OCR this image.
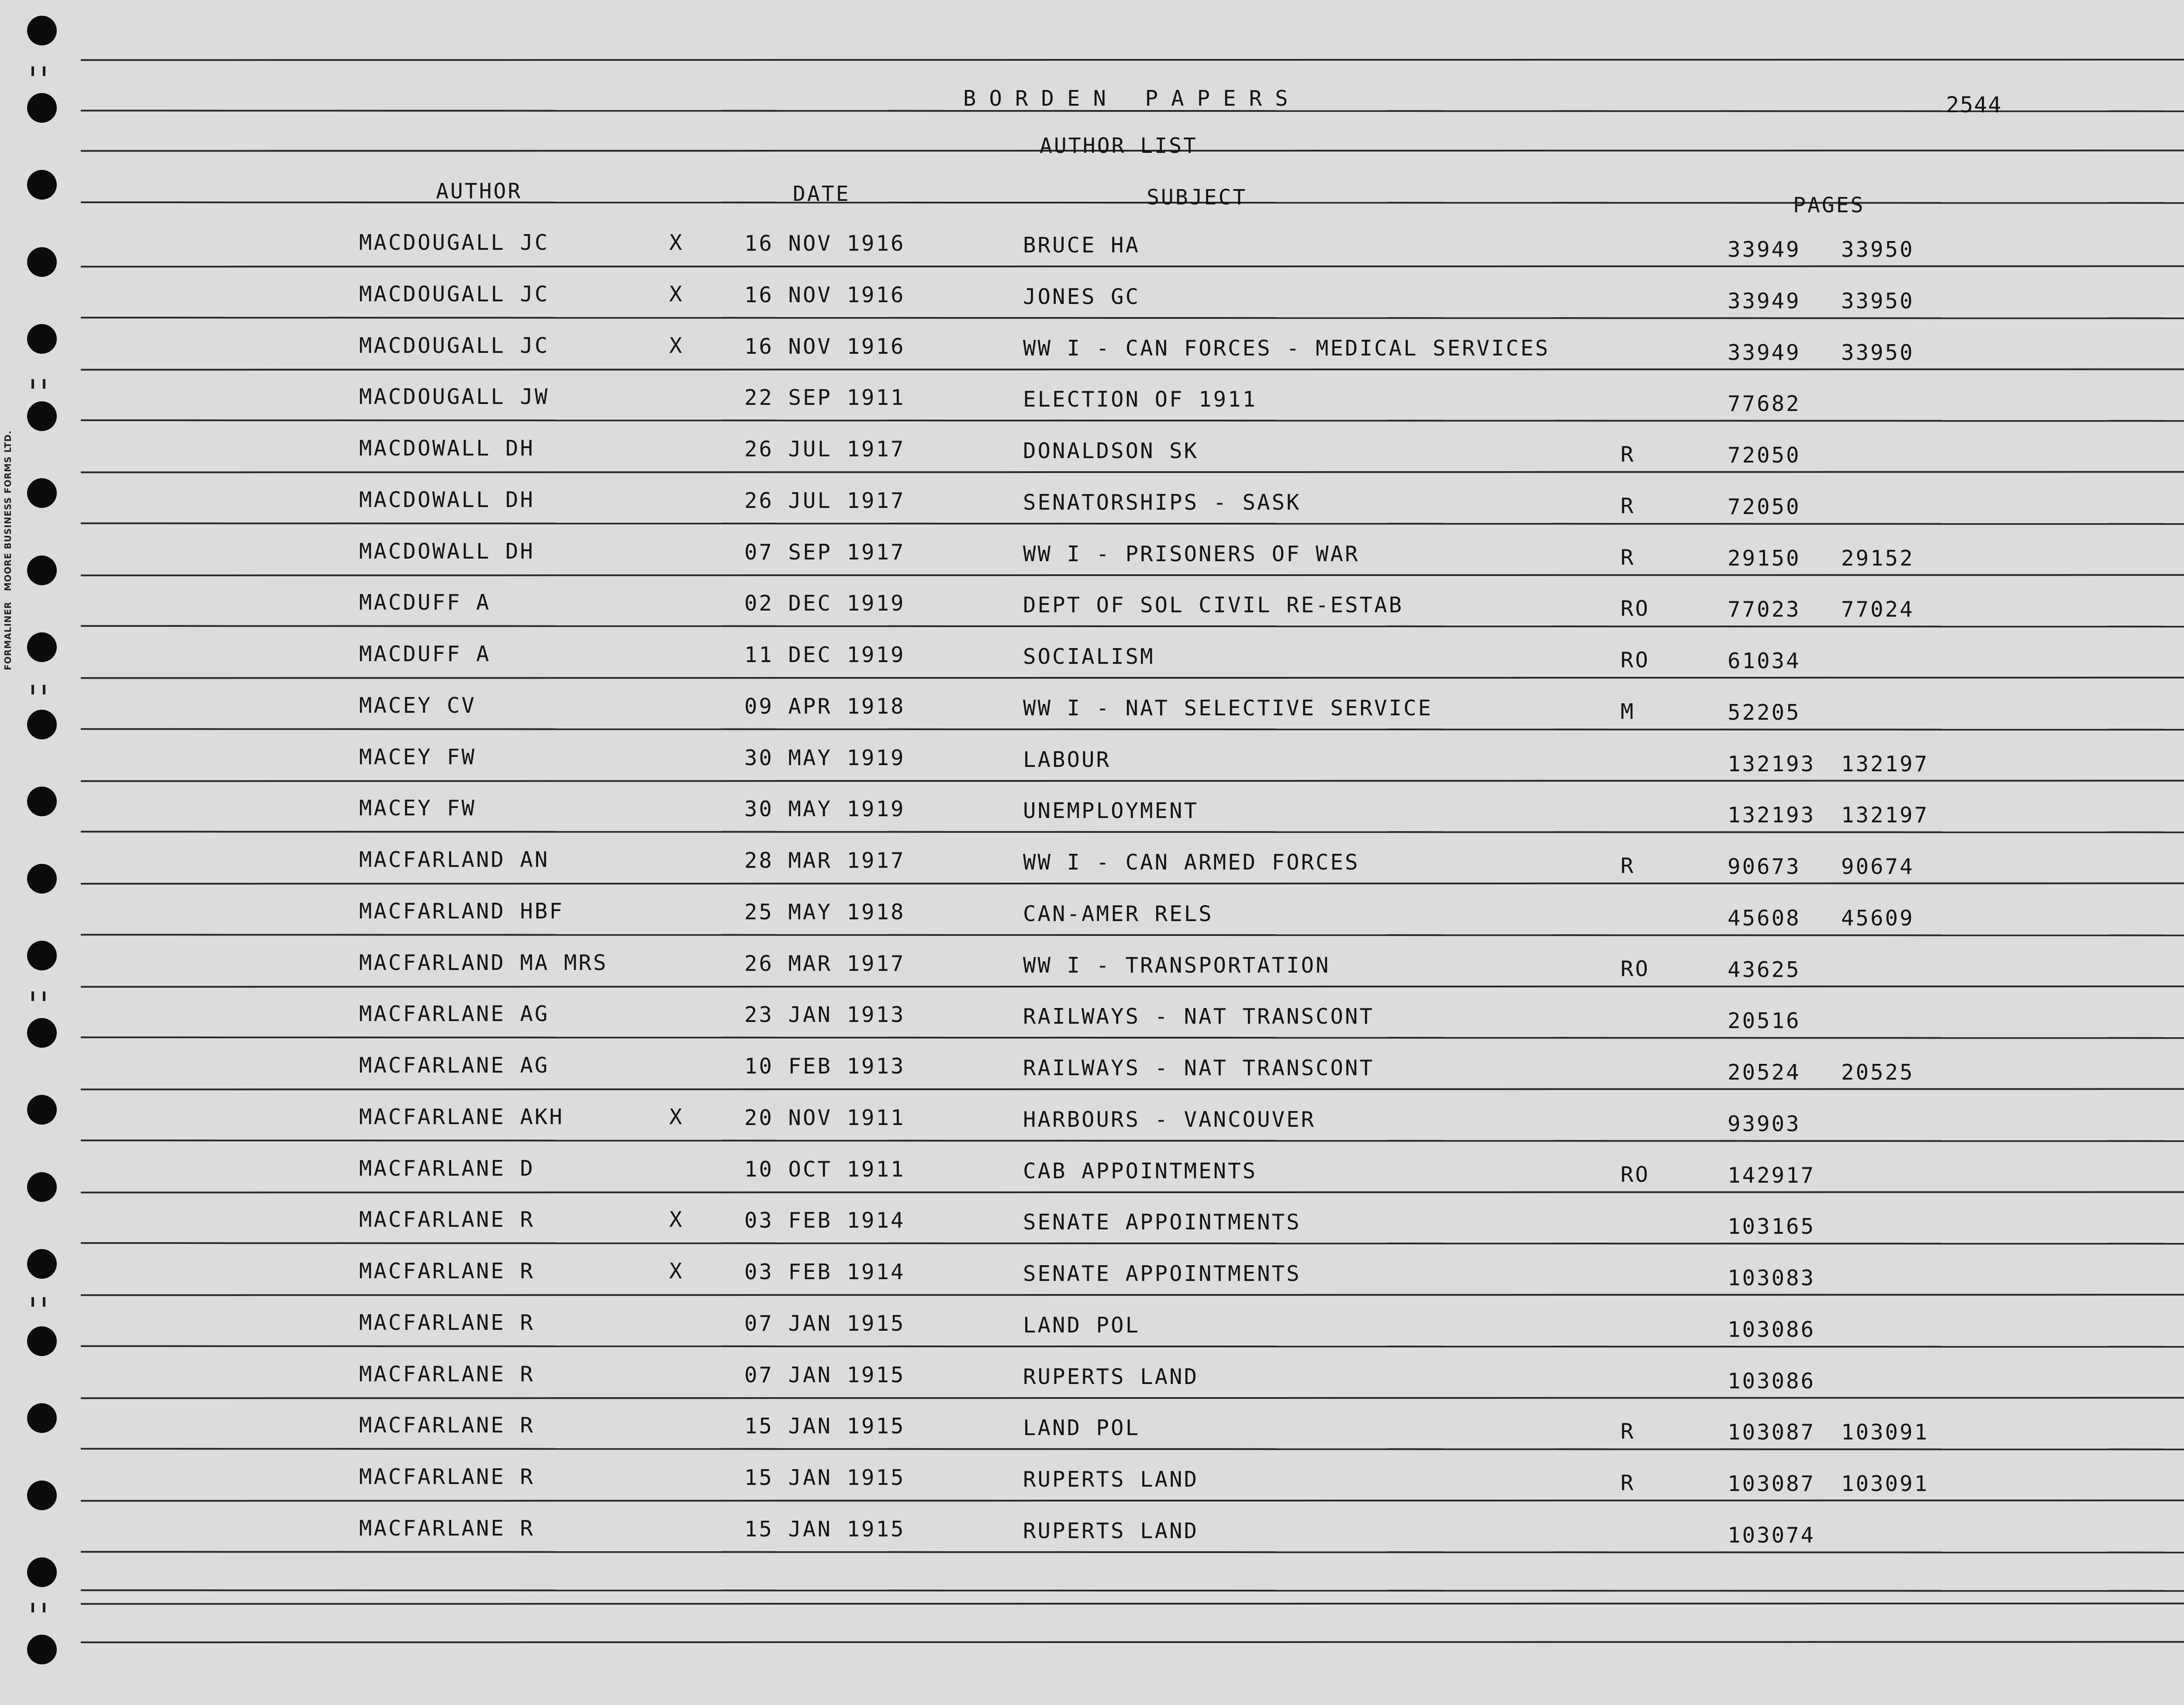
FORMALINER   MOORE BUSINESS FORMS LTD.
BORDEN PAPERS	2544
AUTHOR LIST
AUTHOR	DATE	SUBJECT	PAGES
MACDOUGALL JC	X	16 NOV 1916	BRUCE HA	33949 33950
MACDOUGALL JC	X	16 NOV 1916	JONES GC	33949 33950
MACDOUGALL JC	X	16 NOV 1916	WW I - CAN FORCES - MEDICAL SERVICES	33949 33950
MACDOUGALL JW	22 SEP 1911	ELECTION OF 1911	77682
MACDOWALL DH	26 JUL 1917	DONALDSON SK	R	72050
MACDOWALL DH	26 JUL 1917	SENATORSHIPS - SASK	R	72050
MACDOWALL DH	07 SEP 1917	WW I - PRISONERS OF WAR	R	29150 29152
MACDUFF A	02 DEC 1919	DEPT OF SOL CIVIL RE-ESTAB	RO	77023 77024
MACDUFF A	11 DEC 1919	SOCIALISM	RO	61034
MACEY CV	09 APR 1918	WW I - NAT SELECTIVE SERVICE	M	52205
MACEY FW	30 MAY 1919	LABOUR	132193 132197
MACEY FW	30 MAY 1919	UNEMPLOYMENT	132193 132197
MACFARLAND AN	28 MAR 1917	WW I - CAN ARMED FORCES	R	90673 90674
MACFARLAND HBF	25 MAY 1918	CAN-AMER RELS	45608 45609
MACFARLAND MA MRS	26 MAR 1917	WW I - TRANSPORTATION	RO	43625
MACFARLANE AG	23 JAN 1913	RAILWAYS - NAT TRANSCONT	20516
MACFARLANE AG	10 FEB 1913	RAILWAYS - NAT TRANSCONT	20524 20525
MACFARLANE AKH	X	20 NOV 1911	HARBOURS - VANCOUVER	93903
MACFARLANE D	10 OCT 1911	CAB APPOINTMENTS	RO	142917
MACFARLANE R	X	03 FEB 1914	SENATE APPOINTMENTS	103165
MACFARLANE R	X	03 FEB 1914	SENATE APPOINTMENTS	103083
MACFARLANE R	07 JAN 1915	LAND POL	103086
MACFARLANE R	07 JAN 1915	RUPERTS LAND	103086
MACFARLANE R	15 JAN 1915	LAND POL	R	103087 103091
MACFARLANE R	15 JAN 1915	RUPERTS LAND	R	103087 103091
MACFARLANE R	15 JAN 1915	RUPERTS LAND	103074
